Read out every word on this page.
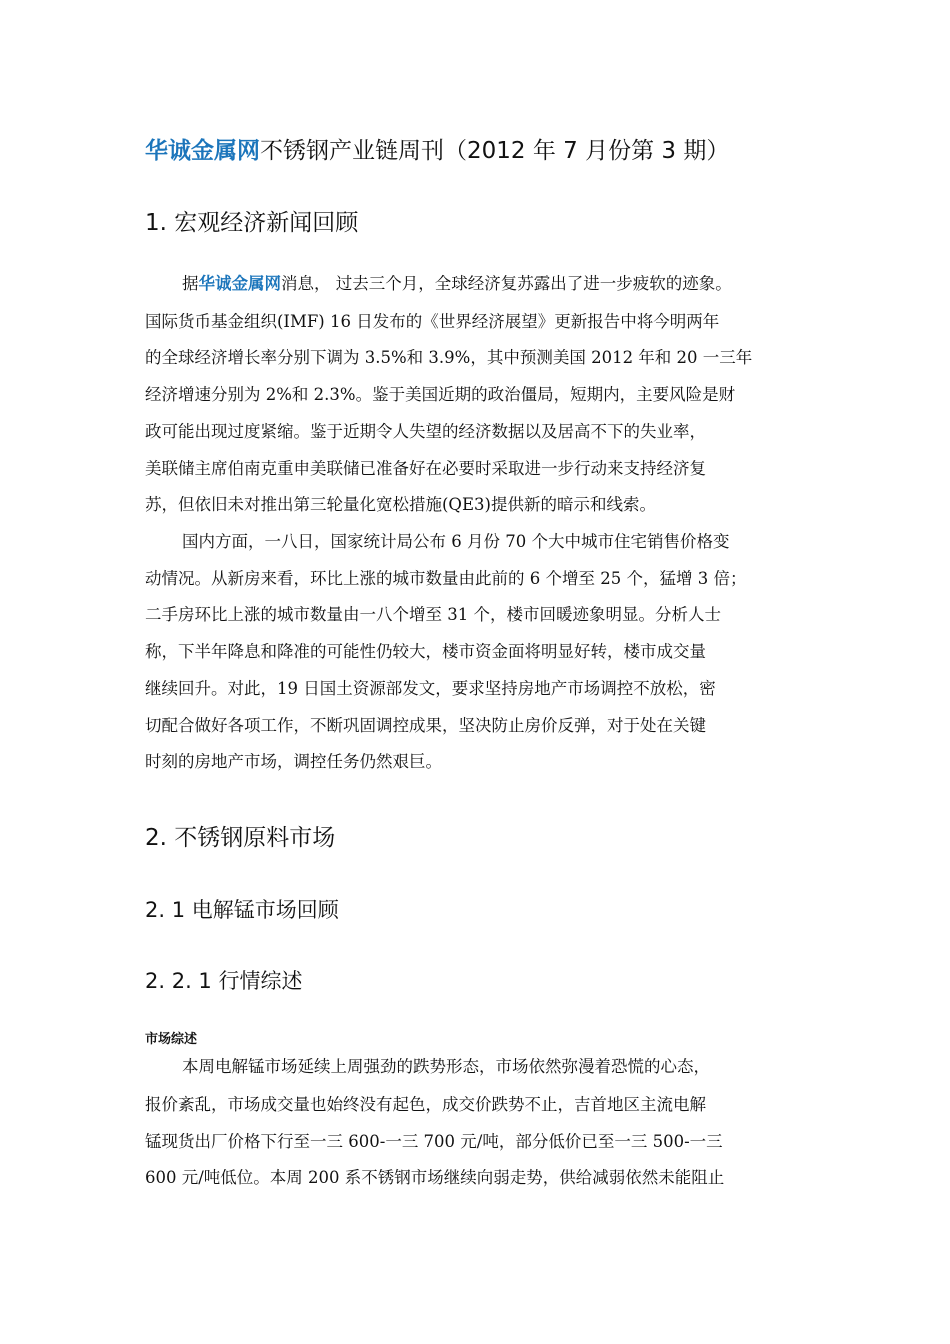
华诚金属网不锈钢产业链周刊（2012 年 7 月份第 3 期）
1. 宏观经济新闻回顾
据华诚金属网消息， 过去三个月，全球经济复苏露出了进一步疲软的迹象。
国际货币基金组织(IMF) 16 日发布的《世界经济展望》更新报告中将今明两年
的全球经济增长率分别下调为 3.5%和 3.9%，其中预测美国 2012 年和 20 一三年
经济增速分别为 2%和 2.3%。鉴于美国近期的政治僵局，短期内，主要风险是财
政可能出现过度紧缩。鉴于近期令人失望的经济数据以及居高不下的失业率，
美联储主席伯南克重申美联储已准备好在必要时采取进一步行动来支持经济复
苏，但依旧未对推出第三轮量化宽松措施(QE3)提供新的暗示和线索。
国内方面，一八日，国家统计局公布 6 月份 70 个大中城市住宅销售价格变
动情况。从新房来看，环比上涨的城市数量由此前的 6 个增至 25 个，猛增 3 倍；
二手房环比上涨的城市数量由一八个增至 31 个，楼市回暖迹象明显。分析人士
称，下半年降息和降准的可能性仍较大，楼市资金面将明显好转，楼市成交量
继续回升。对此，19 日国土资源部发文，要求坚持房地产市场调控不放松，密
切配合做好各项工作，不断巩固调控成果，坚决防止房价反弹，对于处在关键
时刻的房地产市场，调控任务仍然艰巨。
2. 不锈钢原料市场
2. 1 电解锰市场回顾
2. 2. 1 行情综述
市场综述
本周电解锰市场延续上周强劲的跌势形态，市场依然弥漫着恐慌的心态，
报价紊乱，市场成交量也始终没有起色，成交价跌势不止，吉首地区主流电解
锰现货出厂价格下行至一三 600-一三 700 元/吨，部分低价已至一三 500-一三
600 元/吨低位。本周 200 系不锈钢市场继续向弱走势，供给减弱依然未能阻止
